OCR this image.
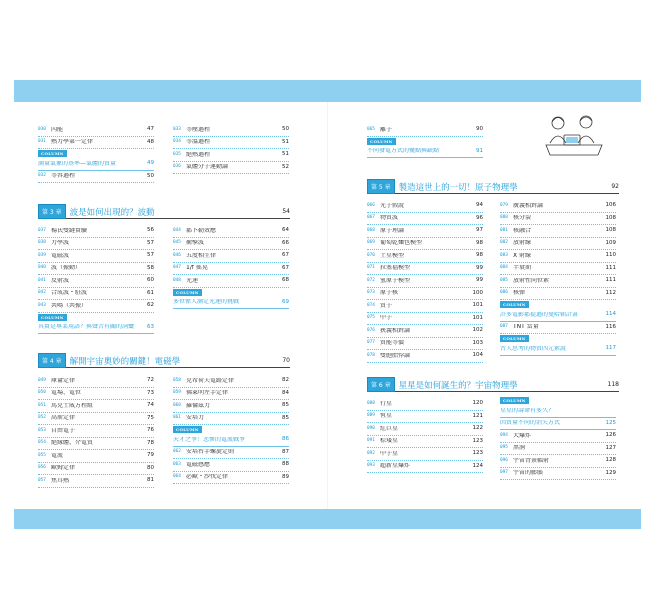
030 內能	47
031 熱力學第一定律	48
COLUMN
測量氣象的基準—氣體的質量	49
032 等容過程	50
033 等壓過程	50
034 等溫過程	51
035 絕熱過程	51
036 氣體分子運動論	52
第 3 章 波是如何出現的？波動	54
037 楊氏雙縫實驗	56
038 力學波	57
039 電磁波	57
040 波（振動）	58
041 反射波	60
042 合成波・駐波	61
043 共鳴（共振）	62
COLUMN
其實是專業用語？與聲音有關的詞彙	63
044 都卜勒效應	64
045 衝擊波	66
046 五度相生律	67
047 1/f 搖晃	67
048 光速	68
COLUMN
多位偉人測定光速的挑戰	69
第 4 章 解開宇宙奧妙的關鍵！電磁學	70
049 庫侖定律	72
050 電場、電位	73
051 馬克士威方程組	74
052 高斯定律	75
053 自由電子	76
054 絕緣體、介電質	78
055 電流	79
056 歐姆定律	80
057 焦耳熱	81
058 克希荷夫電路定律	82
059 佛萊明左手定律	84
060 羅倫茲力	85
061 安培力	85
COLUMN
天才之爭！悲慘的電流戰爭	86
062 安培右手螺旋定則	87
063 電磁感應	88
064 必歐・沙伐定律	89
065 離子	90
COLUMN
不同發電方式的優點與缺點	91
第 5 章 製造這世上的一切！原子物理學	92
066 光子假說	94
067 物質波	96
068 原子理論	97
069 葡萄乾麵包模型	98
070 土星模型	98
071 拉塞福模型	99
072 氫原子模型	99
073 原子核	100
074 質子	101
075 中子	101
076 狹義相對論	102
077 質能等價	103
078 雙胞胎悖論	104
079 廣義相對論	106
080 核分裂	108
081 核融合	108
082 放射線	109
083 X 射線	110
084 半衰期	111
085 放射性同位素	111
086 核彈	112
COLUMN
許多電影都提過的曼哈頓計畫	114
087 TNT 當量	116
COLUMN
古人思考的物質四元素說	117
第 6 章 星星是如何誕生的？宇宙物理學	118
088 行星	120
089 恆星	121
090 紅巨星	122
091 棕矮星	123
092 中子星	123
093 超新星爆炸	124
COLUMN
星星的壽命有多久？
因質量不同的消失方式	125
094 大爆炸	126
095 黑洞	127
096 宇宙背景輻射	128
097 宇宙的膨脹	129
